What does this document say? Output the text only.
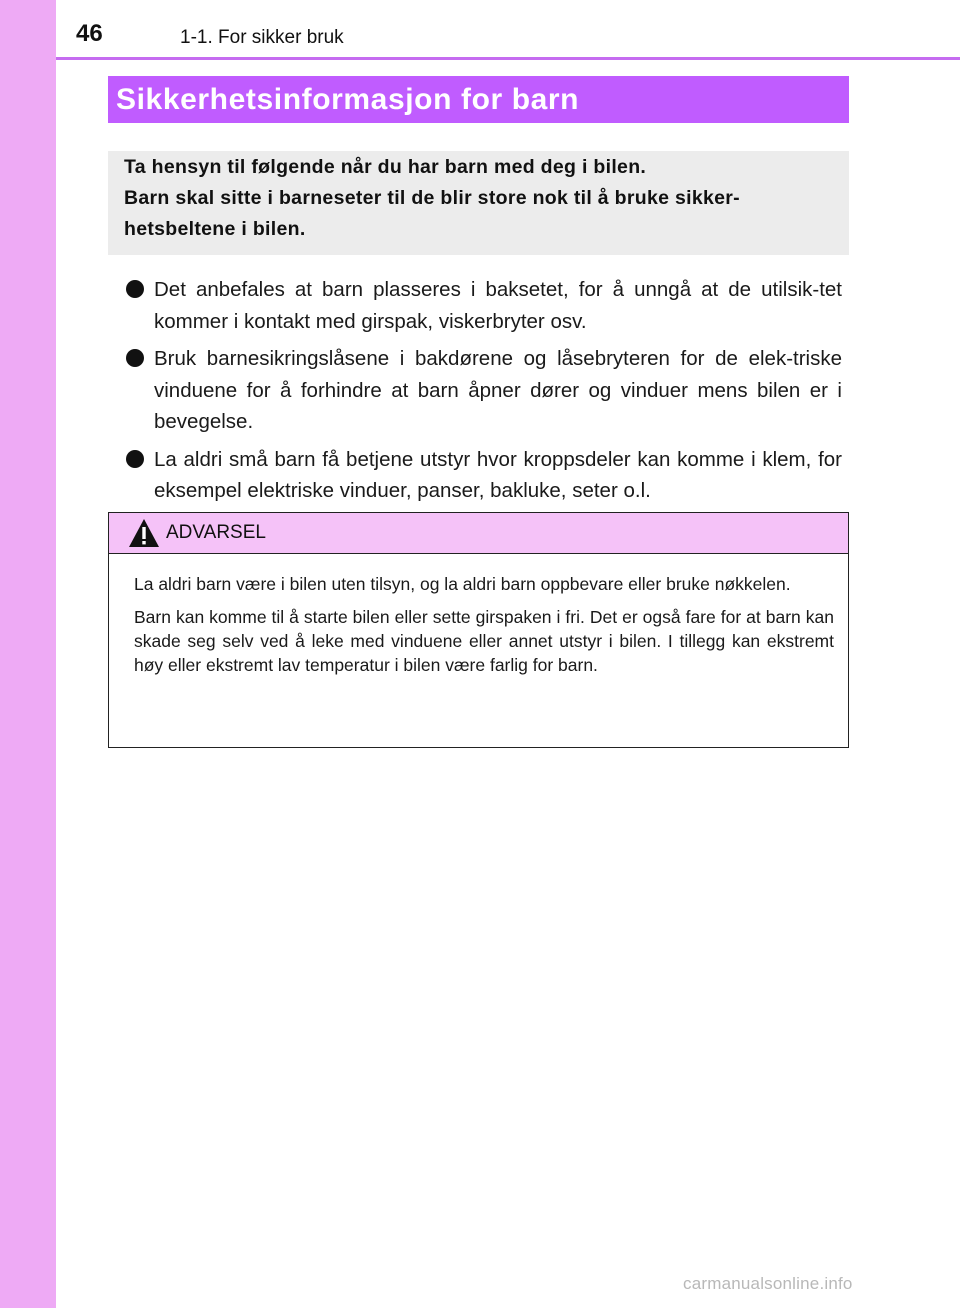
46	1-1. For sikker bruk
Sikkerhetsinformasjon for barn
Ta hensyn til følgende når du har barn med deg i bilen.
Barn skal sitte i barneseter til de blir store nok til å bruke sikker-
hetsbeltene i bilen.
Det anbefales at barn plasseres i baksetet, for å unngå at de utilsik-tet kommer i kontakt med girspak, viskerbryter osv.
Bruk barnesikringslåsene i bakdørene og låsebryteren for de elek-triske vinduene for å forhindre at barn åpner dører og vinduer mens bilen er i bevegelse.
La aldri små barn få betjene utstyr hvor kroppsdeler kan komme i klem, for eksempel elektriske vinduer, panser, bakluke, seter o.l.
ADVARSEL

La aldri barn være i bilen uten tilsyn, og la aldri barn oppbevare eller bruke nøkkelen.

Barn kan komme til å starte bilen eller sette girspaken i fri. Det er også fare for at barn kan skade seg selv ved å leke med vinduene eller annet utstyr i bilen. I tillegg kan ekstremt høy eller ekstremt lav temperatur i bilen være farlig for barn.

carmanualsonline.info
